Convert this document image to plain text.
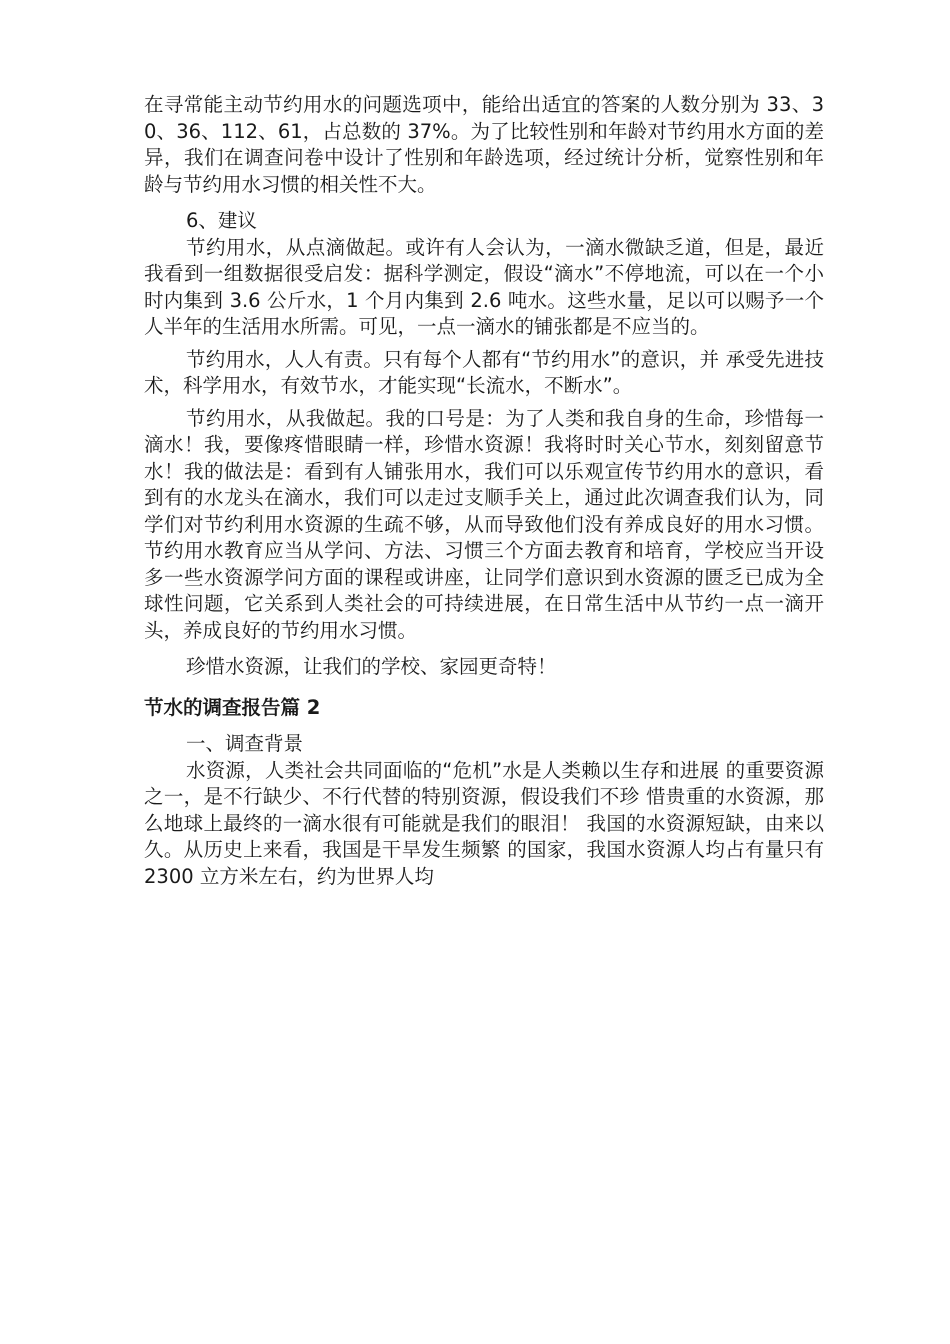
在寻常能主动节约用水的问题选项中，能给出适宜的答案的人数分别为 33、30、36、112、61，占总数的 37%。为了比较性别和年龄对节约用水方面的差异，我们在调查问卷中设计了性别和年龄选项，经过统计分析，觉察性别和年龄与节约用水习惯的相关性不大。

6、建议

节约用水，从点滴做起。或许有人会认为，一滴水微缺乏道，但是，最近我看到一组数据很受启发：据科学测定，假设“滴水”不停地流，可以在一个小时内集到 3.6 公斤水，1 个月内集到 2.6 吨水。这些水量，足以可以赐予一个人半年的生活用水所需。可见，一点一滴水的铺张都是不应当的。

节约用水，人人有责。只有每个人都有“节约用水”的意识，并 承受先进技术，科学用水，有效节水，才能实现“长流水，不断水”。

节约用水，从我做起。我的口号是：为了人类和我自身的生命，珍惜每一滴水！我，要像疼惜眼睛一样，珍惜水资源！我将时时关心节水，刻刻留意节水！我的做法是：看到有人铺张用水，我们可以乐观宣传节约用水的意识，看到有的水龙头在滴水，我们可以走过支顺手关上，通过此次调查我们认为，同学们对节约利用水资源的生疏不够，从而导致他们没有养成良好的用水习惯。节约用水教育应当从学问、方法、习惯三个方面去教育和培育，学校应当开设多一些水资源学问方面的课程或讲座，让同学们意识到水资源的匮乏已成为全球性问题，它关系到人类社会的可持续进展，在日常生活中从节约一点一滴开头，养成良好的节约用水习惯。

珍惜水资源，让我们的学校、家园更奇特！

节水的调查报告篇 2

一、调查背景

水资源，人类社会共同面临的“危机”水是人类赖以生存和进展 的重要资源之一，是不行缺少、不行代替的特别资源，假设我们不珍 惜贵重的水资源，那么地球上最终的一滴水很有可能就是我们的眼泪！ 我国的水资源短缺，由来以久。从历史上来看，我国是干旱发生频繁 的国家，我国水资源人均占有量只有 2300 立方米左右，约为世界人均
